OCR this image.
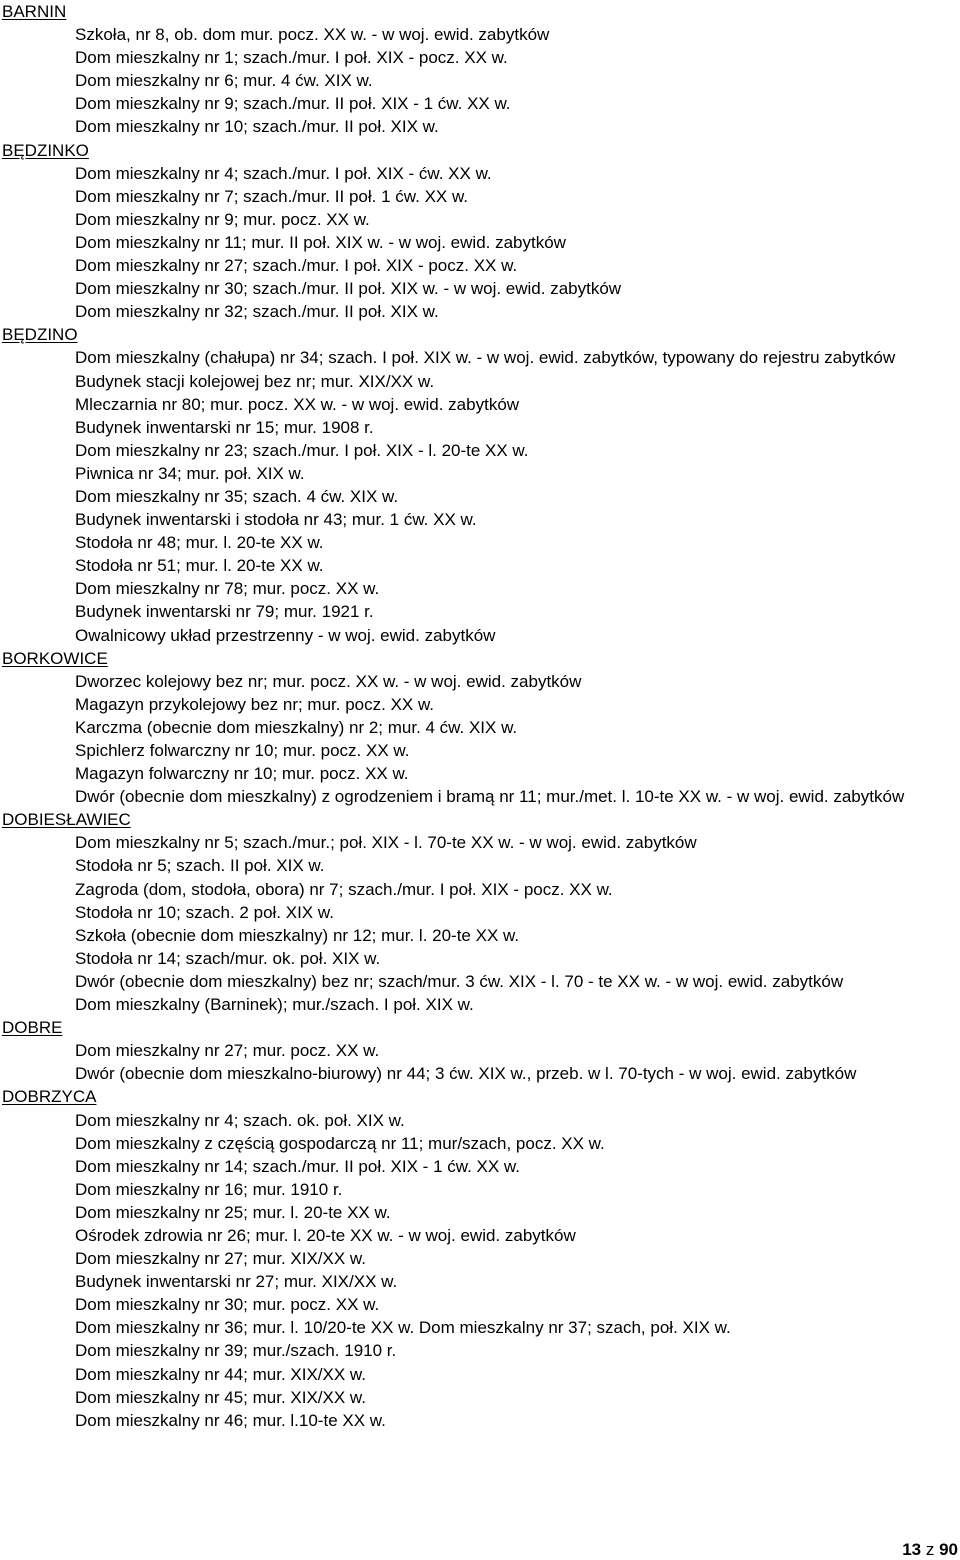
BARNIN
Szkoła, nr 8, ob. dom mur. pocz. XX w. - w woj. ewid. zabytków
Dom mieszkalny nr 1; szach./mur. I poł. XIX - pocz. XX w.
Dom mieszkalny nr 6; mur. 4 ćw. XIX w.
Dom mieszkalny nr 9; szach./mur. II poł. XIX - 1 ćw. XX w.
Dom mieszkalny nr 10; szach./mur. II poł. XIX w.
BĘDZINKO
Dom mieszkalny nr 4; szach./mur. I poł. XIX - ćw. XX w.
Dom mieszkalny nr 7; szach./mur. II poł. 1 ćw. XX w.
Dom mieszkalny nr 9; mur. pocz. XX w.
Dom mieszkalny nr 11; mur. II poł. XIX w. - w woj. ewid. zabytków
Dom mieszkalny nr 27; szach./mur. I poł. XIX - pocz. XX w.
Dom mieszkalny nr 30; szach./mur. II poł. XIX w. - w woj. ewid. zabytków
Dom mieszkalny nr 32; szach./mur. II poł. XIX w.
BĘDZINO
Dom mieszkalny (chałupa) nr 34; szach. I poł. XIX w. - w woj. ewid. zabytków, typowany do rejestru zabytków
Budynek stacji kolejowej bez nr; mur. XIX/XX w.
Mleczarnia nr 80; mur. pocz. XX w. - w woj. ewid. zabytków
Budynek inwentarski nr 15; mur. 1908 r.
Dom mieszkalny nr 23; szach./mur. I poł. XIX - l. 20-te XX w.
Piwnica nr 34; mur. poł. XIX w.
Dom mieszkalny nr 35; szach. 4 ćw. XIX w.
Budynek inwentarski i stodoła nr 43; mur. 1 ćw. XX w.
Stodoła nr 48; mur. l. 20-te XX w.
Stodoła nr 51; mur. l. 20-te XX w.
Dom mieszkalny nr 78; mur. pocz. XX w.
Budynek inwentarski nr 79; mur. 1921 r.
Owalnicowy układ przestrzenny - w woj. ewid. zabytków
BORKOWICE
Dworzec kolejowy bez nr; mur. pocz. XX w. - w woj. ewid. zabytków
Magazyn przykolejowy bez nr; mur. pocz. XX w.
Karczma (obecnie dom mieszkalny) nr 2; mur. 4 ćw. XIX w.
Spichlerz folwarczny nr 10; mur. pocz. XX w.
Magazyn folwarczny nr 10; mur. pocz. XX w.
Dwór (obecnie dom mieszkalny) z ogrodzeniem i bramą nr 11; mur./met. l. 10-te XX w. - w woj. ewid. zabytków
DOBIESŁAWIEC
Dom mieszkalny nr 5; szach./mur.; poł. XIX - l. 70-te XX w. - w woj. ewid. zabytków
Stodoła nr 5; szach. II poł. XIX w.
Zagroda (dom, stodoła, obora) nr 7; szach./mur. I poł. XIX - pocz. XX w.
Stodoła nr 10; szach. 2 poł. XIX w.
Szkoła (obecnie dom mieszkalny) nr 12; mur. l. 20-te XX w.
Stodoła nr 14; szach/mur. ok. poł. XIX w.
Dwór (obecnie dom mieszkalny) bez nr; szach/mur. 3 ćw. XIX - l. 70 - te XX w. - w woj. ewid. zabytków
Dom mieszkalny (Barninek); mur./szach. I poł. XIX w.
DOBRE
Dom mieszkalny nr 27; mur. pocz. XX w.
Dwór (obecnie dom mieszkalno-biurowy) nr 44; 3 ćw. XIX w., przeb. w l. 70-tych - w woj. ewid. zabytków
DOBRZYCA
Dom mieszkalny nr 4; szach. ok. poł. XIX w.
Dom mieszkalny z częścią gospodarczą nr 11; mur/szach, pocz. XX w.
Dom mieszkalny nr 14; szach./mur. II poł. XIX - 1 ćw. XX w.
Dom mieszkalny nr 16; mur. 1910 r.
Dom mieszkalny nr 25; mur. l. 20-te XX w.
Ośrodek zdrowia nr 26; mur. l. 20-te XX w. - w woj. ewid. zabytków
Dom mieszkalny nr 27; mur. XIX/XX w.
Budynek inwentarski nr 27; mur. XIX/XX w.
Dom mieszkalny nr 30; mur. pocz. XX w.
Dom mieszkalny nr 36; mur. l. 10/20-te XX w. Dom mieszkalny nr 37; szach, poł. XIX w.
Dom mieszkalny nr 39; mur./szach. 1910 r.
Dom mieszkalny nr 44; mur. XIX/XX w.
Dom mieszkalny nr 45; mur. XIX/XX w.
Dom mieszkalny nr 46; mur. l.10-te XX w.
13 z 90
